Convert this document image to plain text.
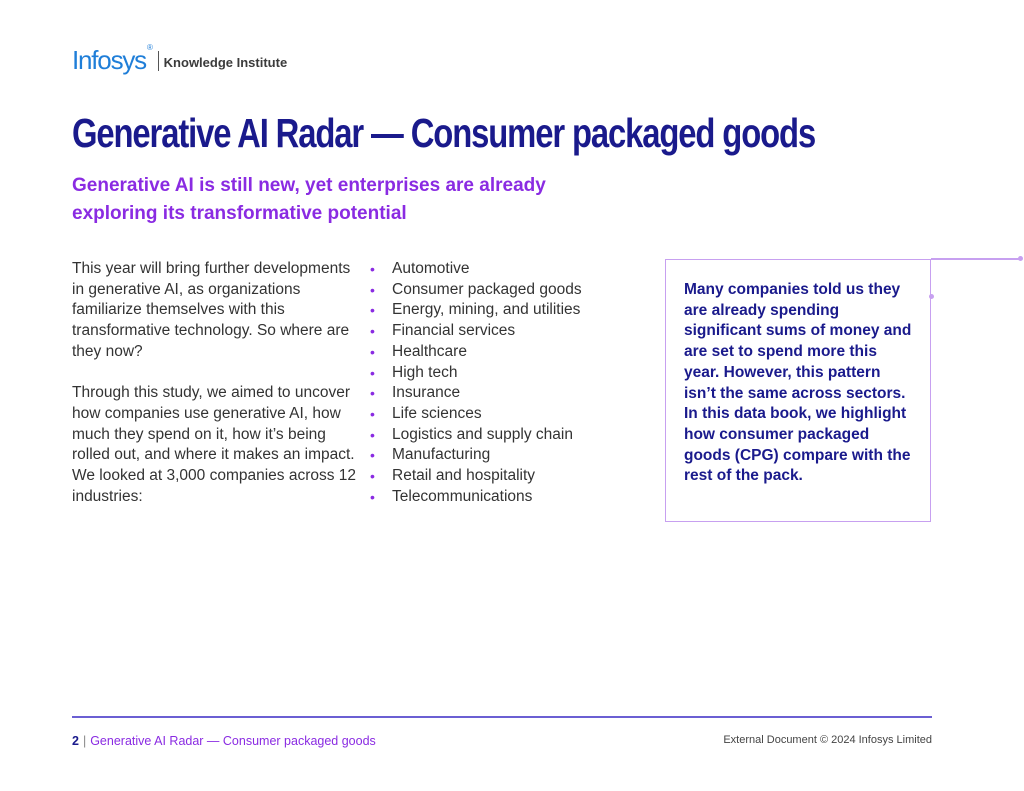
Infosys®
Knowledge Institute
Generative AI Radar — Consumer packaged goods
Generative AI is still new, yet enterprises are already exploring its transformative potential

This year will bring further developments in generative AI, as organizations familiarize themselves with this transformative technology. So where are they now?

Through this study, we aimed to uncover how companies use generative AI, how much they spend on it, how it’s being rolled out, and where it makes an impact. We looked at 3,000 companies across 12 industries:

• Automotive
• Consumer packaged goods
• Energy, mining, and utilities
• Financial services
• Healthcare
• High tech
• Insurance
• Life sciences
• Logistics and supply chain
• Manufacturing
• Retail and hospitality
• Telecommunications
Many companies told us they are already spending significant sums of money and are set to spend more this year. However, this pattern isn’t the same across sectors. In this data book, we highlight how consumer packaged goods (CPG) compare with the rest of the pack.
2 | Generative AI Radar — Consumer packaged goods	External Document © 2024 Infosys Limited
